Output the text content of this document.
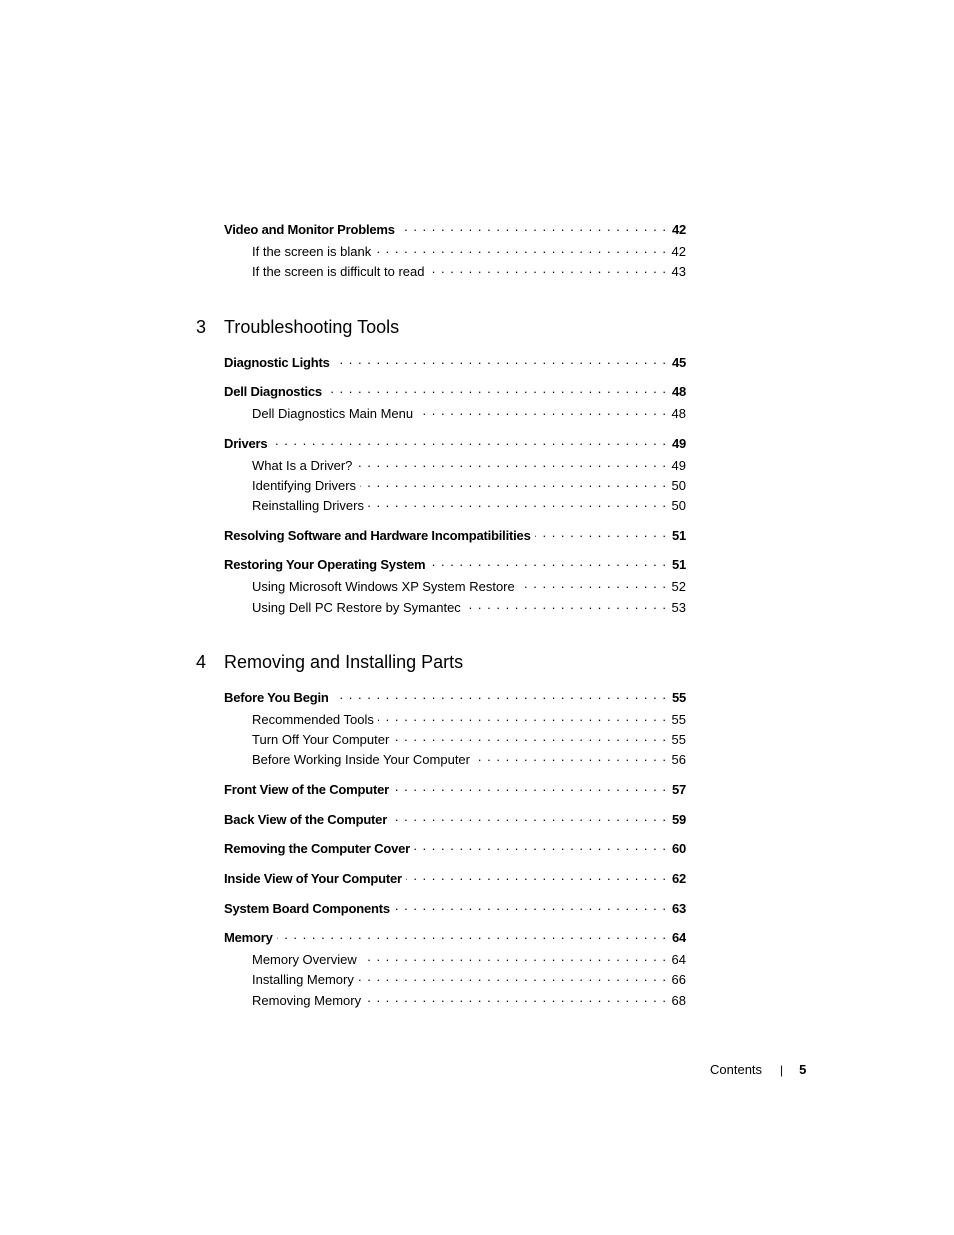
Video and Monitor Problems . . .	42
If the screen is blank . . .	42
If the screen is difficult to read . . .	43
3 Troubleshooting Tools
Diagnostic Lights . . .	45
Dell Diagnostics . . .	48
Dell Diagnostics Main Menu . . .	48
Drivers . . .	49
What Is a Driver? . . .	49
Identifying Drivers . . .	50
Reinstalling Drivers . . .	50
Resolving Software and Hardware Incompatibilities . . .	51
Restoring Your Operating System . . .	51
Using Microsoft Windows XP System Restore . . .	52
Using Dell PC Restore by Symantec . . .	53
4 Removing and Installing Parts
Before You Begin . . .	55
Recommended Tools . . .	55
Turn Off Your Computer . . .	55
Before Working Inside Your Computer . . .	56
Front View of the Computer . . .	57
Back View of the Computer . . .	59
Removing the Computer Cover . . .	60
Inside View of Your Computer . . .	62
System Board Components . . .	63
Memory . . .	64
Memory Overview . . .	64
Installing Memory . . .	66
Removing Memory . . .	68
Contents | 5
